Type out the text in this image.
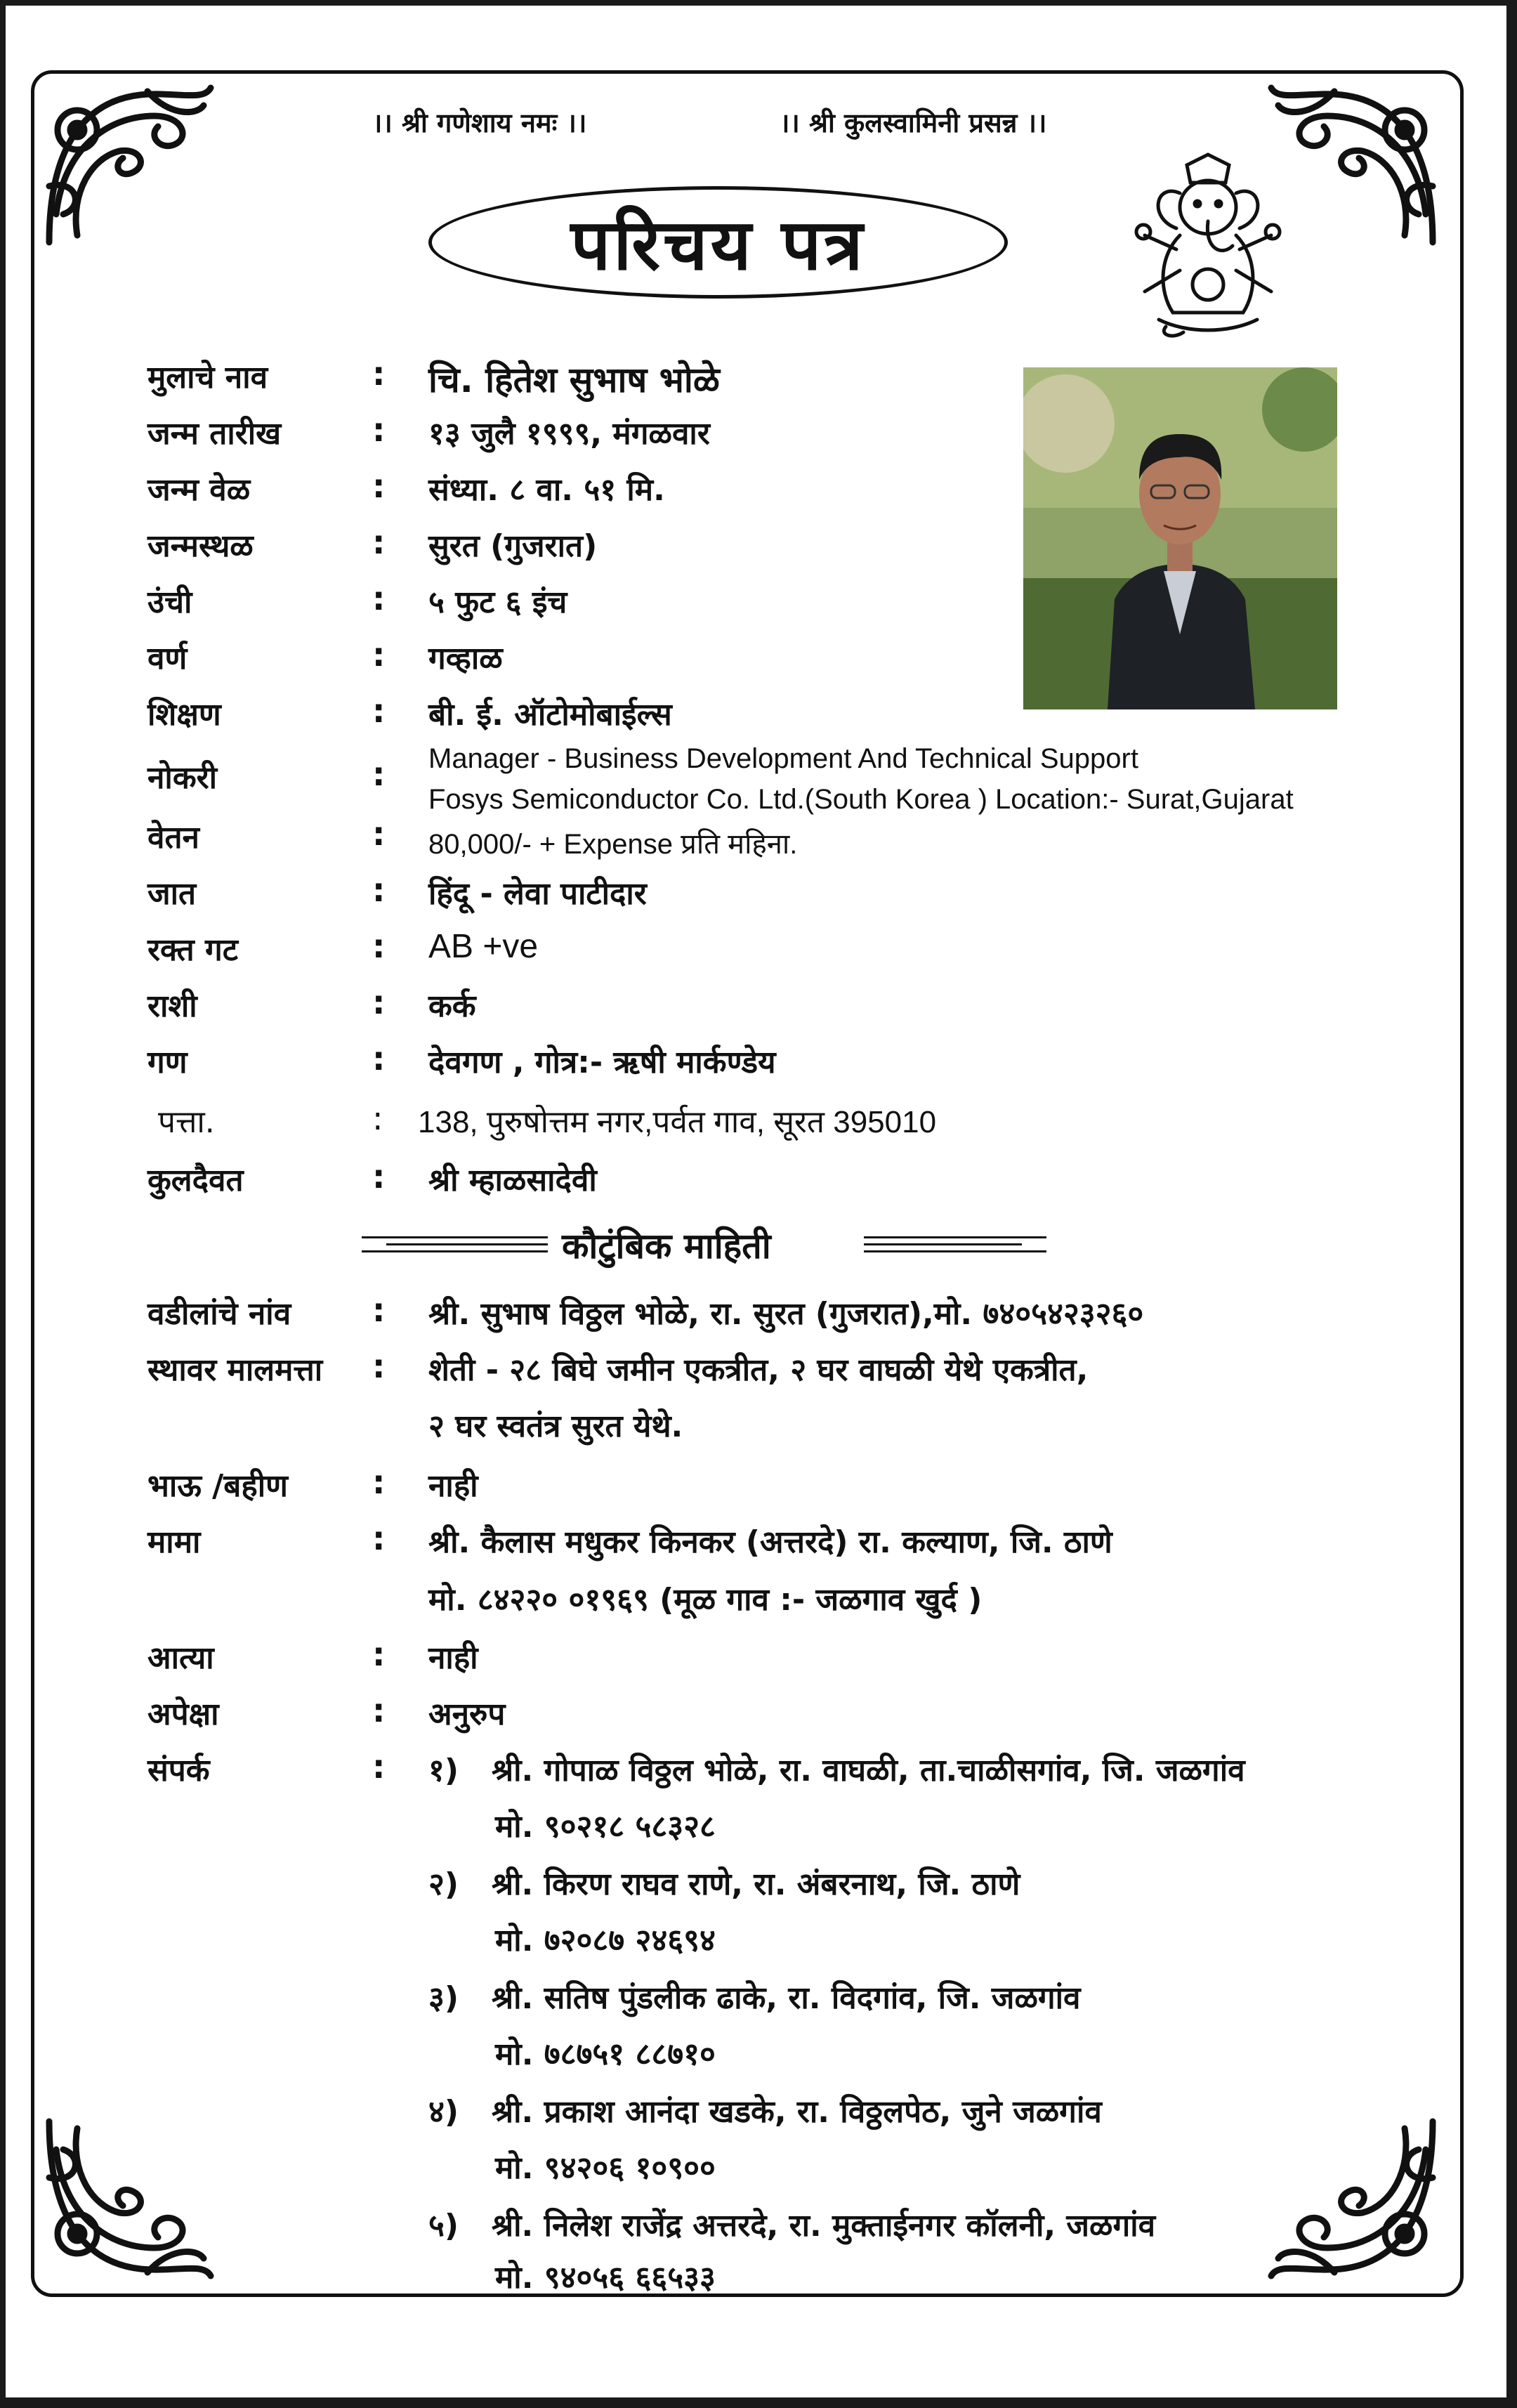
।। श्री गणेशाय नमः ।।	।। श्री कुलस्वामिनी प्रसन्न ।।
परिचय पत्र
मुलाचे नाव	: चि. हितेश सुभाष भोळे
जन्म तारीख	: १३ जुलै १९९९, मंगळवार
जन्म वेळ	: संध्या. ८ वा. ५१ मि.
जन्मस्थळ	: सुरत (गुजरात)
उंची	: ५ फुट ६ इंच
वर्ण	: गव्हाळ
शिक्षण	: बी. ई. ऑटोमोबाईल्स
नोकरी	: Manager - Business Development And Technical Support
Fosys Semiconductor Co. Ltd.(South Korea ) Location:- Surat,Gujarat
वेतन	: 80,000/- + Expense प्रति महिना.
जात	: हिंदू - लेवा पाटीदार
रक्त गट	: AB +ve
राशी	: कर्क
गण	: देवगण , गोत्र:- ऋषी मार्कण्डेय
पत्ता.	: 138, पुरुषोत्तम नगर,पर्वत गाव, सूरत 395010
कुलदैवत	: श्री म्हाळसादेवी
कौटुंबिक माहिती
वडीलांचे नांव	: श्री. सुभाष विठ्ठल भोळे, रा. सुरत (गुजरात),मो. ७४०५४२३२६०
स्थावर मालमत्ता : शेती - २८ बिघे जमीन एकत्रीत, २ घर वाघळी येथे एकत्रीत,
२ घर स्वतंत्र सुरत येथे.
भाऊ /बहीण	: नाही
मामा	: श्री. कैलास मधुकर किनकर (अत्तरदे) रा. कल्याण, जि. ठाणे
मो. ८४२२० ०१९६९ (मूळ गाव :- जळगाव खुर्द )
आत्या	: नाही
अपेक्षा	: अनुरुप
संपर्क	: १) श्री. गोपाळ विठ्ठल भोळे, रा. वाघळी, ता.चाळीसगांव, जि. जळगांव
मो. ९०२१८ ५८३२८
२) श्री. किरण राघव राणे, रा. अंबरनाथ, जि. ठाणे
मो. ७२०८७ २४६९४
३) श्री. सतिष पुंडलीक ढाके, रा. विदगांव, जि. जळगांव
मो. ७८७५१ ८८७१०
४) श्री. प्रकाश आनंदा खडके, रा. विठ्ठलपेठ, जुने जळगांव
मो. ९४२०६ १०९००
५) श्री. निलेश राजेंद्र अत्तरदे, रा. मुक्ताईनगर कॉलनी, जळगांव
मो. ९४०५६ ६६५३३
